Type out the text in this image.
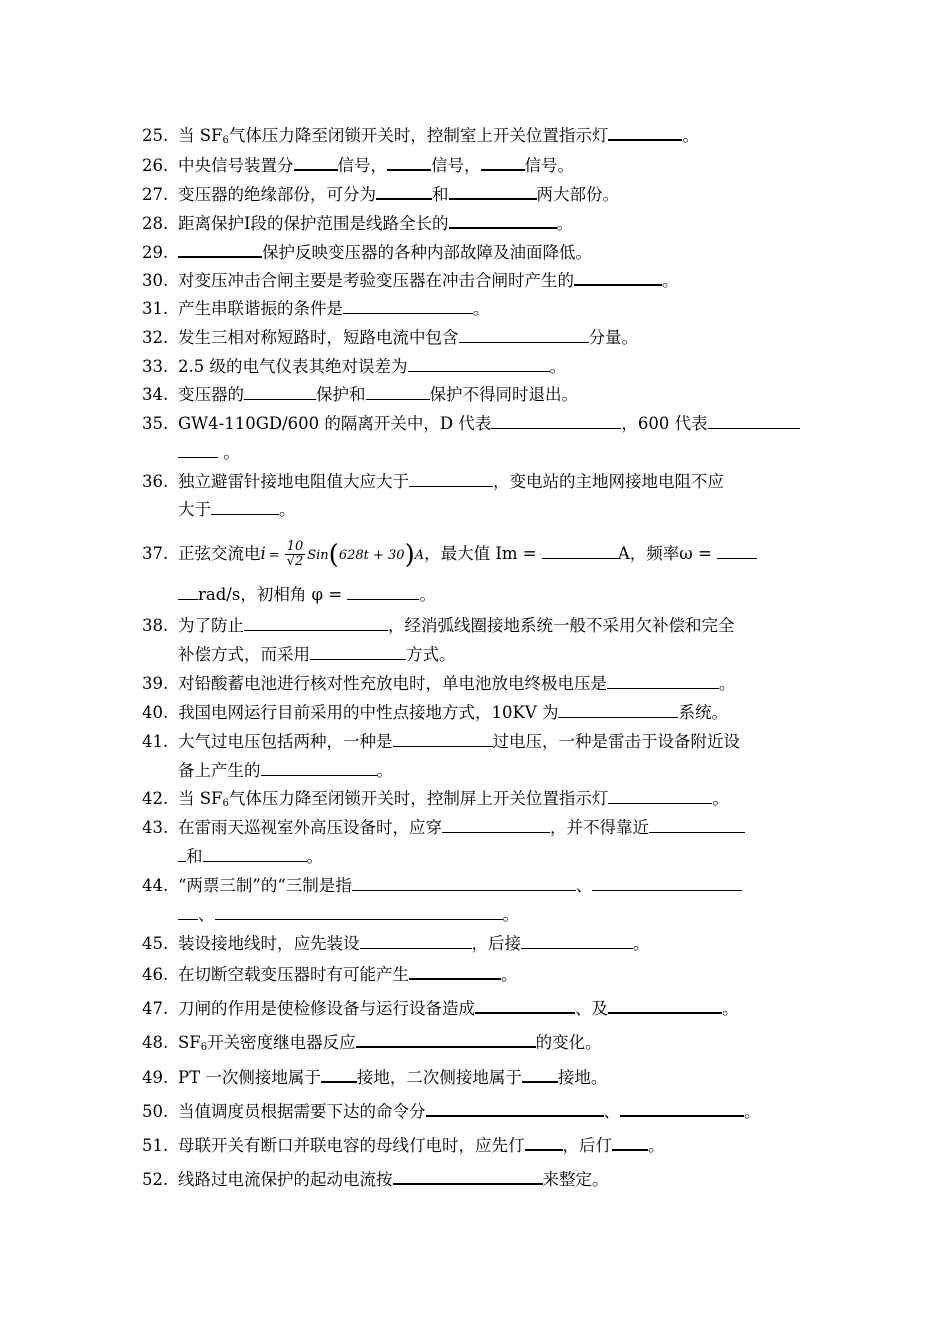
25. 当 $SF_6$气体压力降至闭锁开关时，控制室上开关位置指示灯	。
26. 中央信号装置分	信号，	信号，	信号。
27. 变压器的绝缘部份，可分为	和	两大部份。
28. 距离保护Ⅰ段的保护范围是线路全长的	。
29.	保护反映变压器的各种内部故障及油面降低。
30. 对变压冲击合闸主要是考验变压器在冲击合闸时产生的	。
31. 产生串联谐振的条件是	。
32. 发生三相对称短路时，短路电流中包含	分量。
33. 2.5 级的电气仪表其绝对误差为	。
34. 变压器的	保护和	保护不得同时退出。
35. GW4-110GD/600 的隔离开关中，D 代表	，600 代表
。
36. 独立避雷针接地电阻值大应大于	，变电站的主地网接地电阻不应
大于	。
37. 正弦交流电$i = \frac{10}{√2} Sin(628t + 30)A$，最大值 Im =	A，频率ω =
rad/s，初相角 φ =	。
38. 为了防止	，经消弧线圈接地系统一般不采用欠补偿和完全
补偿方式，而采用	方式。
39. 对铅酸蓄电池进行核对性充放电时，单电池放电终极电压是	。
40. 我国电网运行目前采用的中性点接地方式，10KV 为	系统。
41. 大气过电压包括两种，一种是	过电压，一种是雷击于设备附近设
备上产生的	。
42. 当 $SF_6$气体压力降至闭锁开关时，控制屏上开关位置指示灯	。
43. 在雷雨天巡视室外高压设备时，应穿	，并不得靠近
和	。
44. “两票三制”的“三制是指	、
、	。
45. 装设接地线时，应先装设	，后接	。
46. 在切断空载变压器时有可能产生	。
47. 刀闸的作用是使检修设备与运行设备造成	、及	。
48. $SF_6$开关密度继电器反应	的变化。
49. PT 一次侧接地属于 接地，二次侧接地属于 接地。
50. 当值调度员根据需要下达的命令分	、	。
51. 母联开关有断口并联电容的母线仃电时，应先仃 ，后仃 。
52. 线路过电流保护的起动电流按	来整定。
